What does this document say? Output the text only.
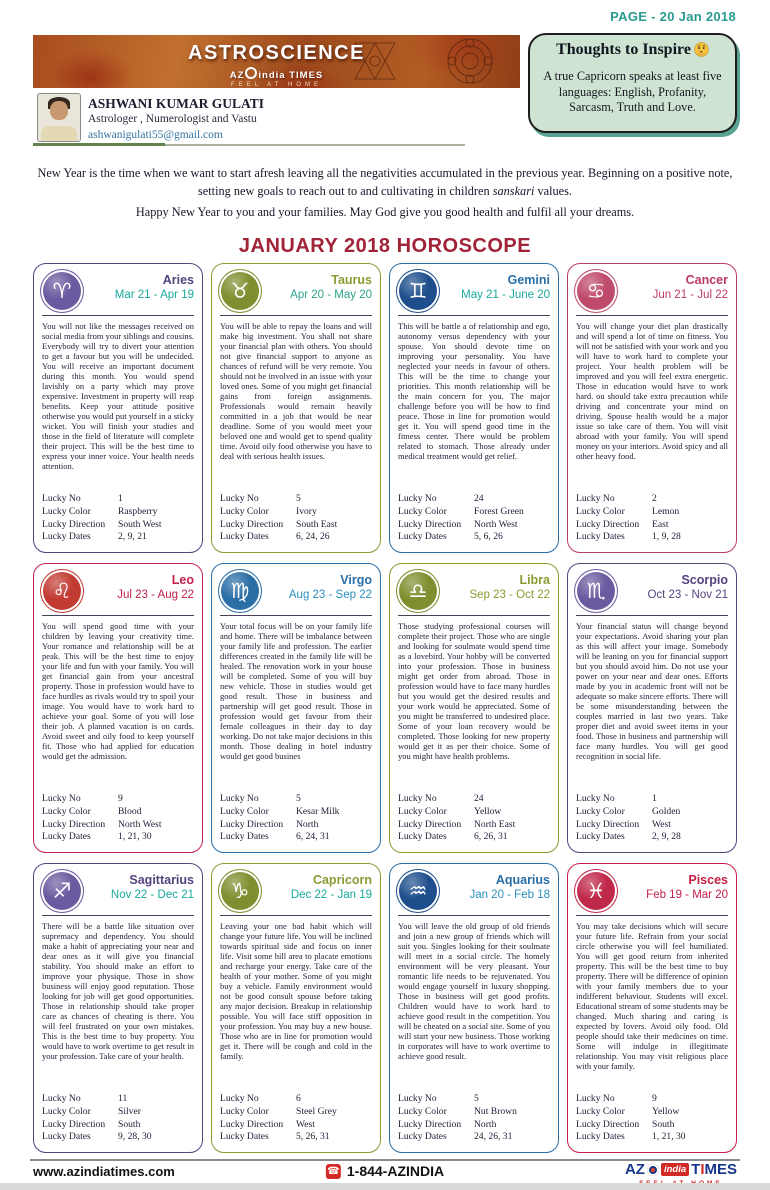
PAGE - 20 Jan 2018
ASTROSCIENCE
AZ india TIMES
FEEL AT HOME
Thoughts to Inspire
A true Capricorn speaks at least five languages: English, Profanity, Sarcasm, Truth and Love.
ASHWANI KUMAR GULATI
Astrologer , Numerologist and Vastu
ashwanigulati55@gmail.com

New Year is the time when we want to start afresh leaving all the negativities accumulated in the previous year. Beginning on a positive note, setting new goals to reach out to and cultivating in children sanskari values.

Happy New Year to you and your families. May God give you good health and fulfil all your dreams.

JANUARY 2018 HOROSCOPE
♈	Aries
Mar 21 - Apr 19

You will not like the messages received on social media from your siblings and cousins. Everybody will try to divert your attention to get a favour but you will be undecided. You will receive an important document during this month. You would spend lavishly on a party which may prove expensive. Investment in property will reap benefits. Keep your attitude positive otherwise you would put yourself in a sticky wicket. You will finish your studies and those in the field of literature will complete their project. This will be the best time to express your inner voice. Your health needs attention.

Lucky No	1
Lucky Color	Raspberry
Lucky Direction	South West
Lucky Dates	2, 9, 21
♉	Taurus
Apr 20 - May 20

You will be able to repay the loans and will make big investment. You shall not share your financial plan with others. You should not give financial support to anyone as chances of refund will be very remote. You should not be involved in an issue with your loved ones. Some of you might get financial gains from foreign assignments. Professionals would remain heavily committed in a job that would be near deadline. Some of you would meet your beloved one and would get to spend quality time. Avoid oily food otherwise you have to deal with serious health issues.

Lucky No	5
Lucky Color	Ivory
Lucky Direction	South East
Lucky Dates	6, 24, 26
♊	Gemini
May 21 - June 20

This will be battle a of relationship and ego, autonomy versus dependency with your spouse. You should devote time on improving your personality. You have neglected your needs in favour of others. This will be the time to change your priorities. This month relationship will be the main concern for you. The major challenge before you will be how to find peace. Those in line for promotion would get it. You will spend good time in the fitness center. There would be problem related to stomach. Those already under medical treatment would get relief.

Lucky No	24
Lucky Color	Forest Green
Lucky Direction	North West
Lucky Dates	5, 6, 26
♋	Cancer
Jun 21 - Jul 22

You will change your diet plan drastically and will spend a lot of time on fitness. You will not be satisfied with your work and you will have to work hard to complete your project. Your health problem will be improved and you will feel extra energetic. Those in education would have to work hard. ou should take extra precaution while driving and concentrate your mind on driving. Spouse health would be a major issue so take care of them. You will visit abroad with your family. You will spend money on your interiors. Avoid spicy and all other heavy food.

Lucky No	2
Lucky Color	Lemon
Lucky Direction	East
Lucky Dates	1, 9, 28
♌	Leo
Jul 23 - Aug 22

You will spend good time with your children by leaving your creativity time. Your romance and relationship will be at peak. This will be the best time to enjoy your life and fun with your family. You will get financial gain from your ancestral property. Those in profession would have to face hurdles as rivals would try to spoil your image. You would have to work hard to achieve your goal. Some of you will lose their job. A planned vacation is on cards. Avoid sweet and oily food to keep yourself fit. Those who had applied for education would get the admission.

Lucky No	9
Lucky Color	Blood
Lucky Direction	North West
Lucky Dates	1, 21, 30
♍	Virgo
Aug 23 - Sep 22

Your total focus will be on your family life and home. There will be imbalance between your family life and profession. The earlier differences created in the family life will be healed. The renovation work in your house will be completed. Some of you will buy new vehicle. Those in studies would get good result. Those in business and partnership will get good result. Those in profession would get favour from their female colleagues in their day to day working. Do not take major decisions in this month. Those dealing in hotel industry would get good busines

Lucky No	5
Lucky Color	Kesar Milk
Lucky Direction	North
Lucky Dates	6, 24, 31
♎	Libra
Sep 23 - Oct 22

Those studying professional courses will complete their project. Those who are single and looking for soulmate would spend time as a lovebird. Your hobby will be converted into your profession. Those in business might get order from abroad. Those in profession would have to face many hurdles but you would get the desired results and your work would be appreciated. Some of you might be transferred to undesired place. Some of your loan recovery would be completed. Those looking for new property would get it as per their choice. Some of you might have health problems.

Lucky No	24
Lucky Color	Yellow
Lucky Direction	North East
Lucky Dates	6, 26, 31
♏	Scorpio
Oct 23 - Nov 21

Your financial status will change beyond your expectations. Avoid sharing your plan as this will affect your image. Somebody will be leaning on you for financial support but you should avoid him. Do not use your power on your near and dear ones. Efforts made by you in academic front will not be adequate so make sincere efforts. There will be some misunderstanding between the couples married in last two years. Take proper diet and avoid sweet items in your food. Those in business and partnership will face many hurdles. You will get good recognition in social life.

Lucky No	1
Lucky Color	Golden
Lucky Direction	West
Lucky Dates	2, 9, 28
♐	Sagittarius
Nov 22 - Dec 21

There will be a battle like situation over supremacy and dependency. You should make a habit of appreciating your near and dear ones as it will give you financial stability. You should make an effort to improve your physique. Those in show business will enjoy good reputation. Those looking for job will get good opportunities. Those in relationship should take proper care as chances of cheating is there. You will feel frustrated on your own mistakes. This is the best time to buy property. You would have to work overtime to get result in your profession. Take care of your health.

Lucky No	11
Lucky Color	Silver
Lucky Direction	South
Lucky Dates	9, 28, 30
♑	Capricorn
Dec 22 - Jan 19

Leaving your one bad habit which will change your future life. You will be inclined towards spiritual side and focus on inner life. Visit some hill area to placate emotions and recharge your energy. Take care of the health of your mother. Some of you might buy a vehicle. Family environment would not be good consult spouse before taking any major decision. Breakup in relationship possible. You will face stiff opposition in your profession. You may buy a new house. Those who are in line for promotion would get it. There will be cough and cold in the family.

Lucky No	6
Lucky Color	Steel Grey
Lucky Direction	West
Lucky Dates	5, 26, 31
♒	Aquarius
Jan 20 - Feb 18

You will leave the old group of old friends and join a new group of friends which will suit you. Singles looking for their soulmate will meet in a social circle. The homely environment will be very pleasant. Your romantic life needs to be rejuvenated. You would engage yourself in luxury shopping. Those in business will get good profits. Children would have to work hard to achieve good result in the competition. You will be cheated on a social site. Some of you will start your new business. Those working in corporates will have to work overtime to achieve good result.

Lucky No	5
Lucky Color	Nut Brown
Lucky Direction	North
Lucky Dates	24, 26, 31
♓	Pisces
Feb 19 - Mar 20

You may take decisions which will secure your future life. Refrain from your social circle otherwise you will feel humiliated. You will get good return from inherited property. This will be the best time to buy property. There will be difference of opinion with your family members due to your indifferent behaviour. Students will excel. Educational stream of some students may be changed. Much sharing and caring is expected by lovers. Avoid oily food. Old people should take their medicines on time. Some will indulge in illegitimate relationship. You may visit religious place with your family.

Lucky No	9
Lucky Color	Yellow
Lucky Direction	South
Lucky Dates	1, 21, 30
www.azindiatimes.com	☎ 1-844-AZINDIA	AZ	india TIMES
